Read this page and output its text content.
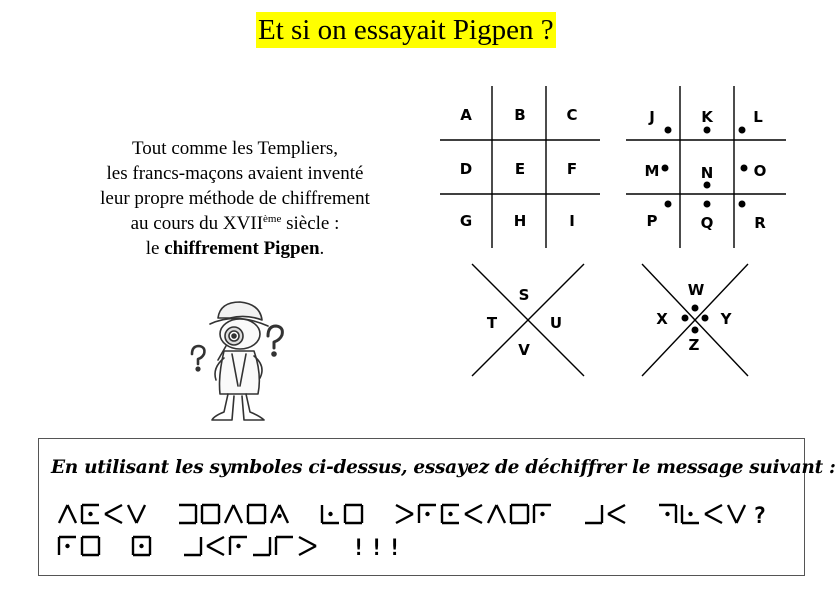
Et si on essayait Pigpen ?
Tout comme les Templiers,
les francs-maçons avaient inventé
leur propre méthode de chiffrement
au cours du XVIIème siècle :
le chiffrement Pigpen.
A	B	C
D	E	F
G	H	I
J	K	L
M	N	O
P	Q	R
S
T	U
V
W
X	Y
Z
En utilisant les symboles ci-dessus, essayez de déchiffrer le message suivant :
?
! ! !
